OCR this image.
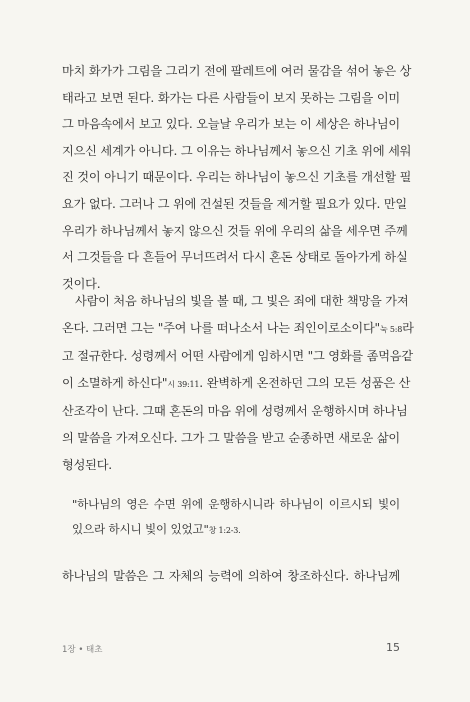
마치 화가가 그림을 그리기 전에 팔레트에 여러 물감을 섞어 놓은 상
태라고 보면 된다. 화가는 다른 사람들이 보지 못하는 그림을 이미
그 마음속에서 보고 있다. 오늘날 우리가 보는 이 세상은 하나님이
지으신 세계가 아니다. 그 이유는 하나님께서 놓으신 기초 위에 세워
진 것이 아니기 때문이다. 우리는 하나님이 놓으신 기초를 개선할 필
요가 없다. 그러나 그 위에 건설된 것들을 제거할 필요가 있다. 만일
우리가 하나님께서 놓지 않으신 것들 위에 우리의 삶을 세우면 주께
서 그것들을 다 흔들어 무너뜨려서 다시 혼돈 상태로 돌아가게 하실
것이다.
사람이 처음 하나님의 빛을 볼 때, 그 빛은 죄에 대한 책망을 가져
온다. 그러면 그는 "주여 나를 떠나소서 나는 죄인이로소이다"눅 5:8라
고 절규한다. 성령께서 어떤 사람에게 임하시면 "그 영화를 좀먹음같
이 소멸하게 하신다"시 39:11. 완벽하게 온전하던 그의 모든 성품은 산
산조각이 난다. 그때 혼돈의 마음 위에 성령께서 운행하시며 하나님
의 말씀을 가져오신다. 그가 그 말씀을 받고 순종하면 새로운 삶이
형성된다.
"하나님의 영은 수면 위에 운행하시니라 하나님이 이르시되 빛이
있으라 하시니 빛이 있었고"창 1:2-3.
하나님의 말씀은 그 자체의 능력에 의하여 창조하신다. 하나님께
1장 • 태초	15
